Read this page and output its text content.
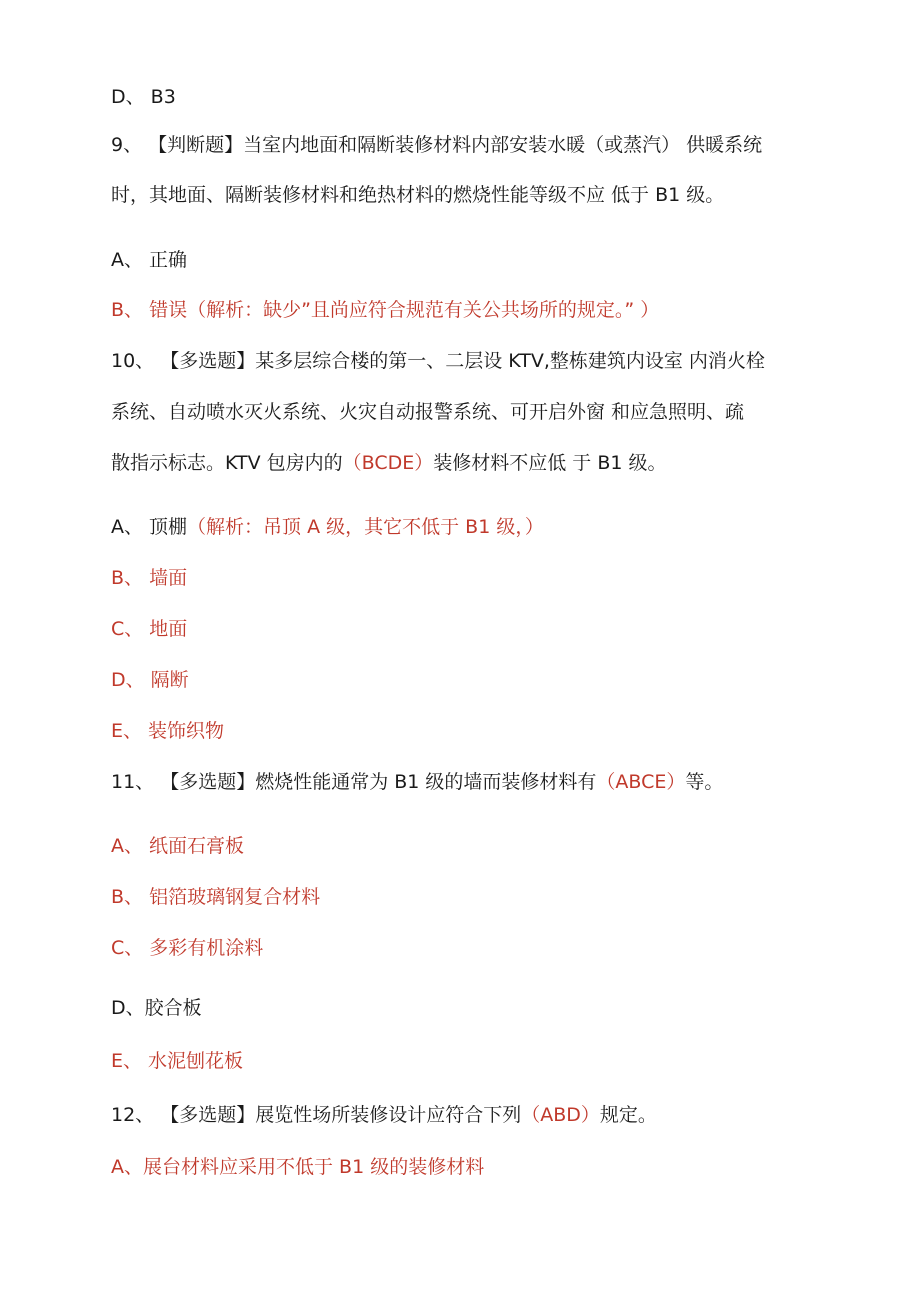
D、 B3
9、 【判断题】当室内地面和隔断装修材料内部安装水暖（或蒸汽） 供暖系统
时，其地面、隔断装修材料和绝热材料的燃烧性能等级不应 低于 B1 级。
A、 正确
B、 错误（解析：缺少”且尚应符合规范有关公共场所的规定。” ）
10、 【多选题】某多层综合楼的第一、二层设 KTV,整栋建筑内设室 内消火栓
系统、自动喷水灭火系统、火灾自动报警系统、可开启外窗 和应急照明、疏
散指示标志。KTV 包房内的（BCDE）装修材料不应低 于 B1 级。
A、 顶棚（解析：吊顶 A 级，其它不低于 B1 级，）
B、 墙面
C、 地面
D、 隔断
E、 装饰织物
11、 【多选题】燃烧性能通常为 B1 级的墙而装修材料有（ABCE）等。
A、 纸面石膏板
B、 铝箔玻璃钢复合材料
C、 多彩有机涂料
D、胶合板
E、 水泥刨花板
12、 【多选题】展览性场所装修设计应符合下列（ABD）规定。
A、展台材料应采用不低于 B1 级的装修材料
